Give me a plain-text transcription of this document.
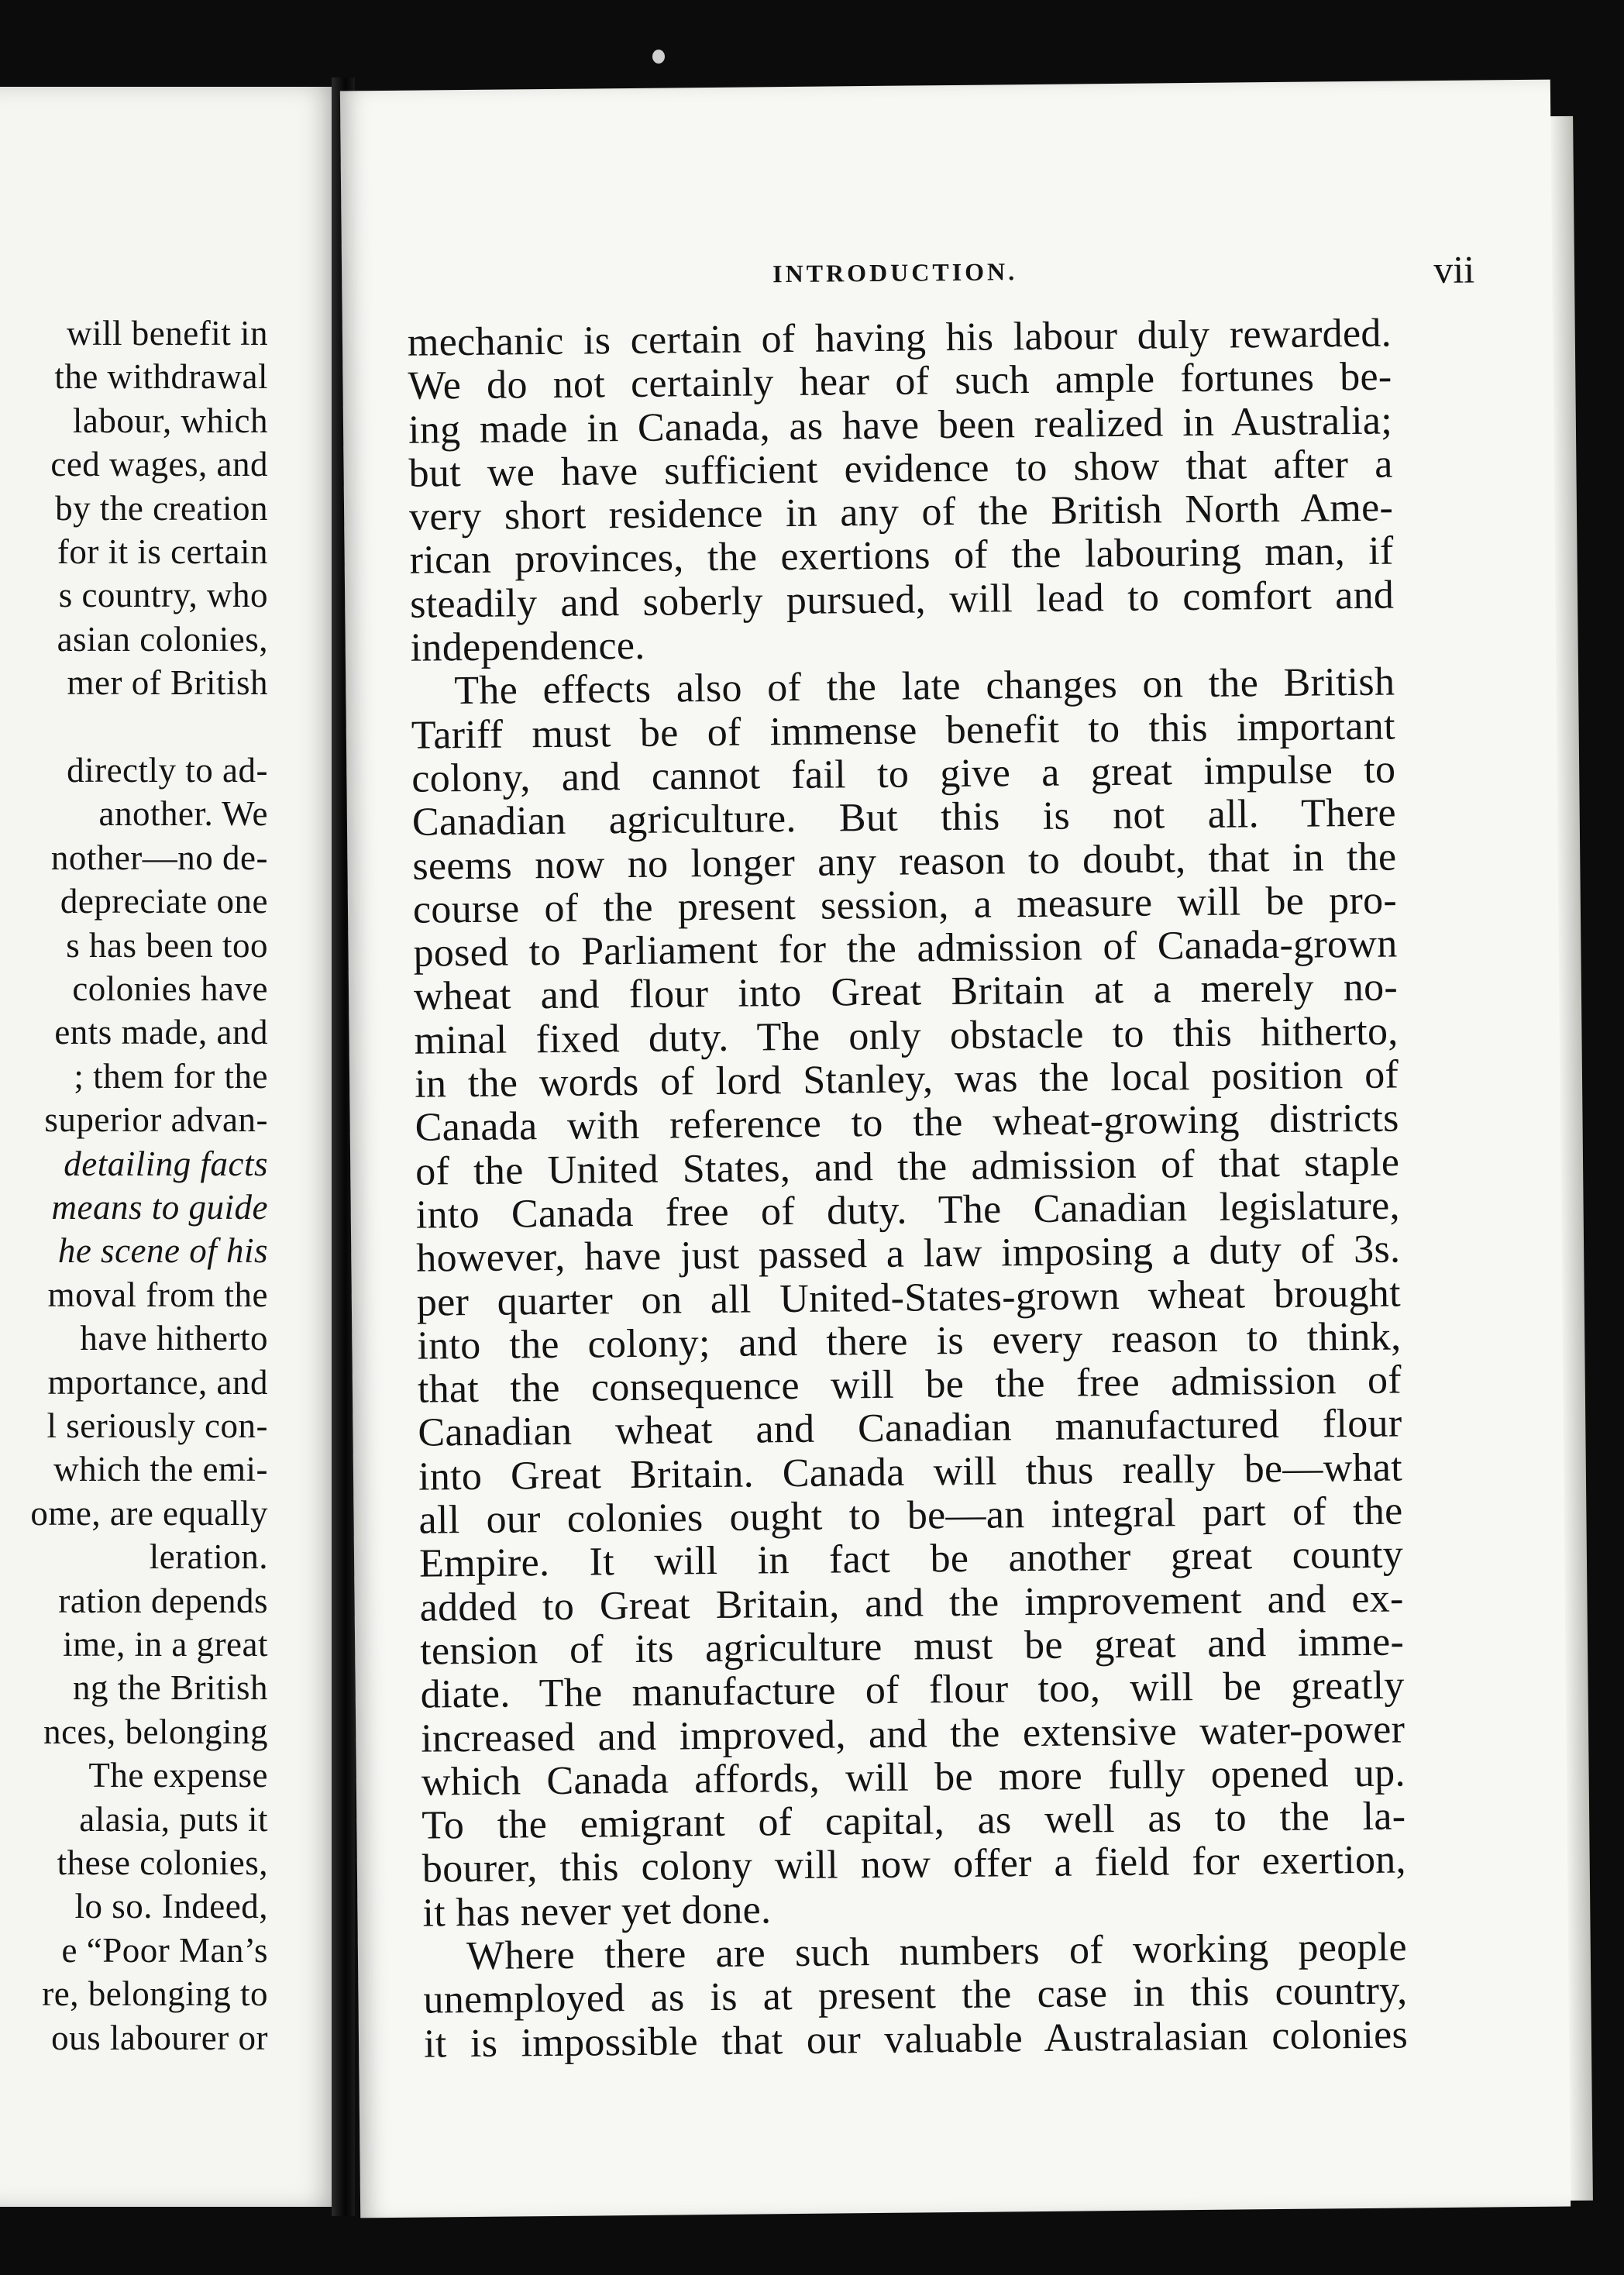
will benefit in
the withdrawal
labour, which
ced wages, and
by the creation
for it is certain
s country, who
asian colonies,
mer of British
directly to ad-
another. We
nother—no de-
depreciate one
s has been too
colonies have
ents made, and
; them for the
superior advan-
detailing facts
means to guide
he scene of his
moval from the
have hitherto
mportance, and
l seriously con-
which the emi-
ome, are equally
leration.
ration depends
ime, in a great
ng the British
nces, belonging
The expense
alasia, puts it
these colonies,
lo so. Indeed,
e “Poor Man’s
re, belonging to
ous labourer or
INTRODUCTION.	vii
mechanic is certain of having his labour duly rewarded.
We do not certainly hear of such ample fortunes be-
ing made in Canada, as have been realized in Australia;
but we have sufficient evidence to show that after a
very short residence in any of the British North Ame-
rican provinces, the exertions of the labouring man, if
steadily and soberly pursued, will lead to comfort and
independence.
The effects also of the late changes on the British
Tariff must be of immense benefit to this important
colony, and cannot fail to give a great impulse to
Canadian agriculture. But this is not all. There
seems now no longer any reason to doubt, that in the
course of the present session, a measure will be pro-
posed to Parliament for the admission of Canada-grown
wheat and flour into Great Britain at a merely no-
minal fixed duty. The only obstacle to this hitherto,
in the words of lord Stanley, was the local position of
Canada with reference to the wheat-growing districts
of the United States, and the admission of that staple
into Canada free of duty. The Canadian legislature,
however, have just passed a law imposing a duty of 3s.
per quarter on all United-States-grown wheat brought
into the colony; and there is every reason to think,
that the consequence will be the free admission of
Canadian wheat and Canadian manufactured flour
into Great Britain. Canada will thus really be—what
all our colonies ought to be—an integral part of the
Empire. It will in fact be another great county
added to Great Britain, and the improvement and ex-
tension of its agriculture must be great and imme-
diate. The manufacture of flour too, will be greatly
increased and improved, and the extensive water-power
which Canada affords, will be more fully opened up.
To the emigrant of capital, as well as to the la-
bourer, this colony will now offer a field for exertion,
it has never yet done.
Where there are such numbers of working people
unemployed as is at present the case in this country,
it is impossible that our valuable Australasian colonies
